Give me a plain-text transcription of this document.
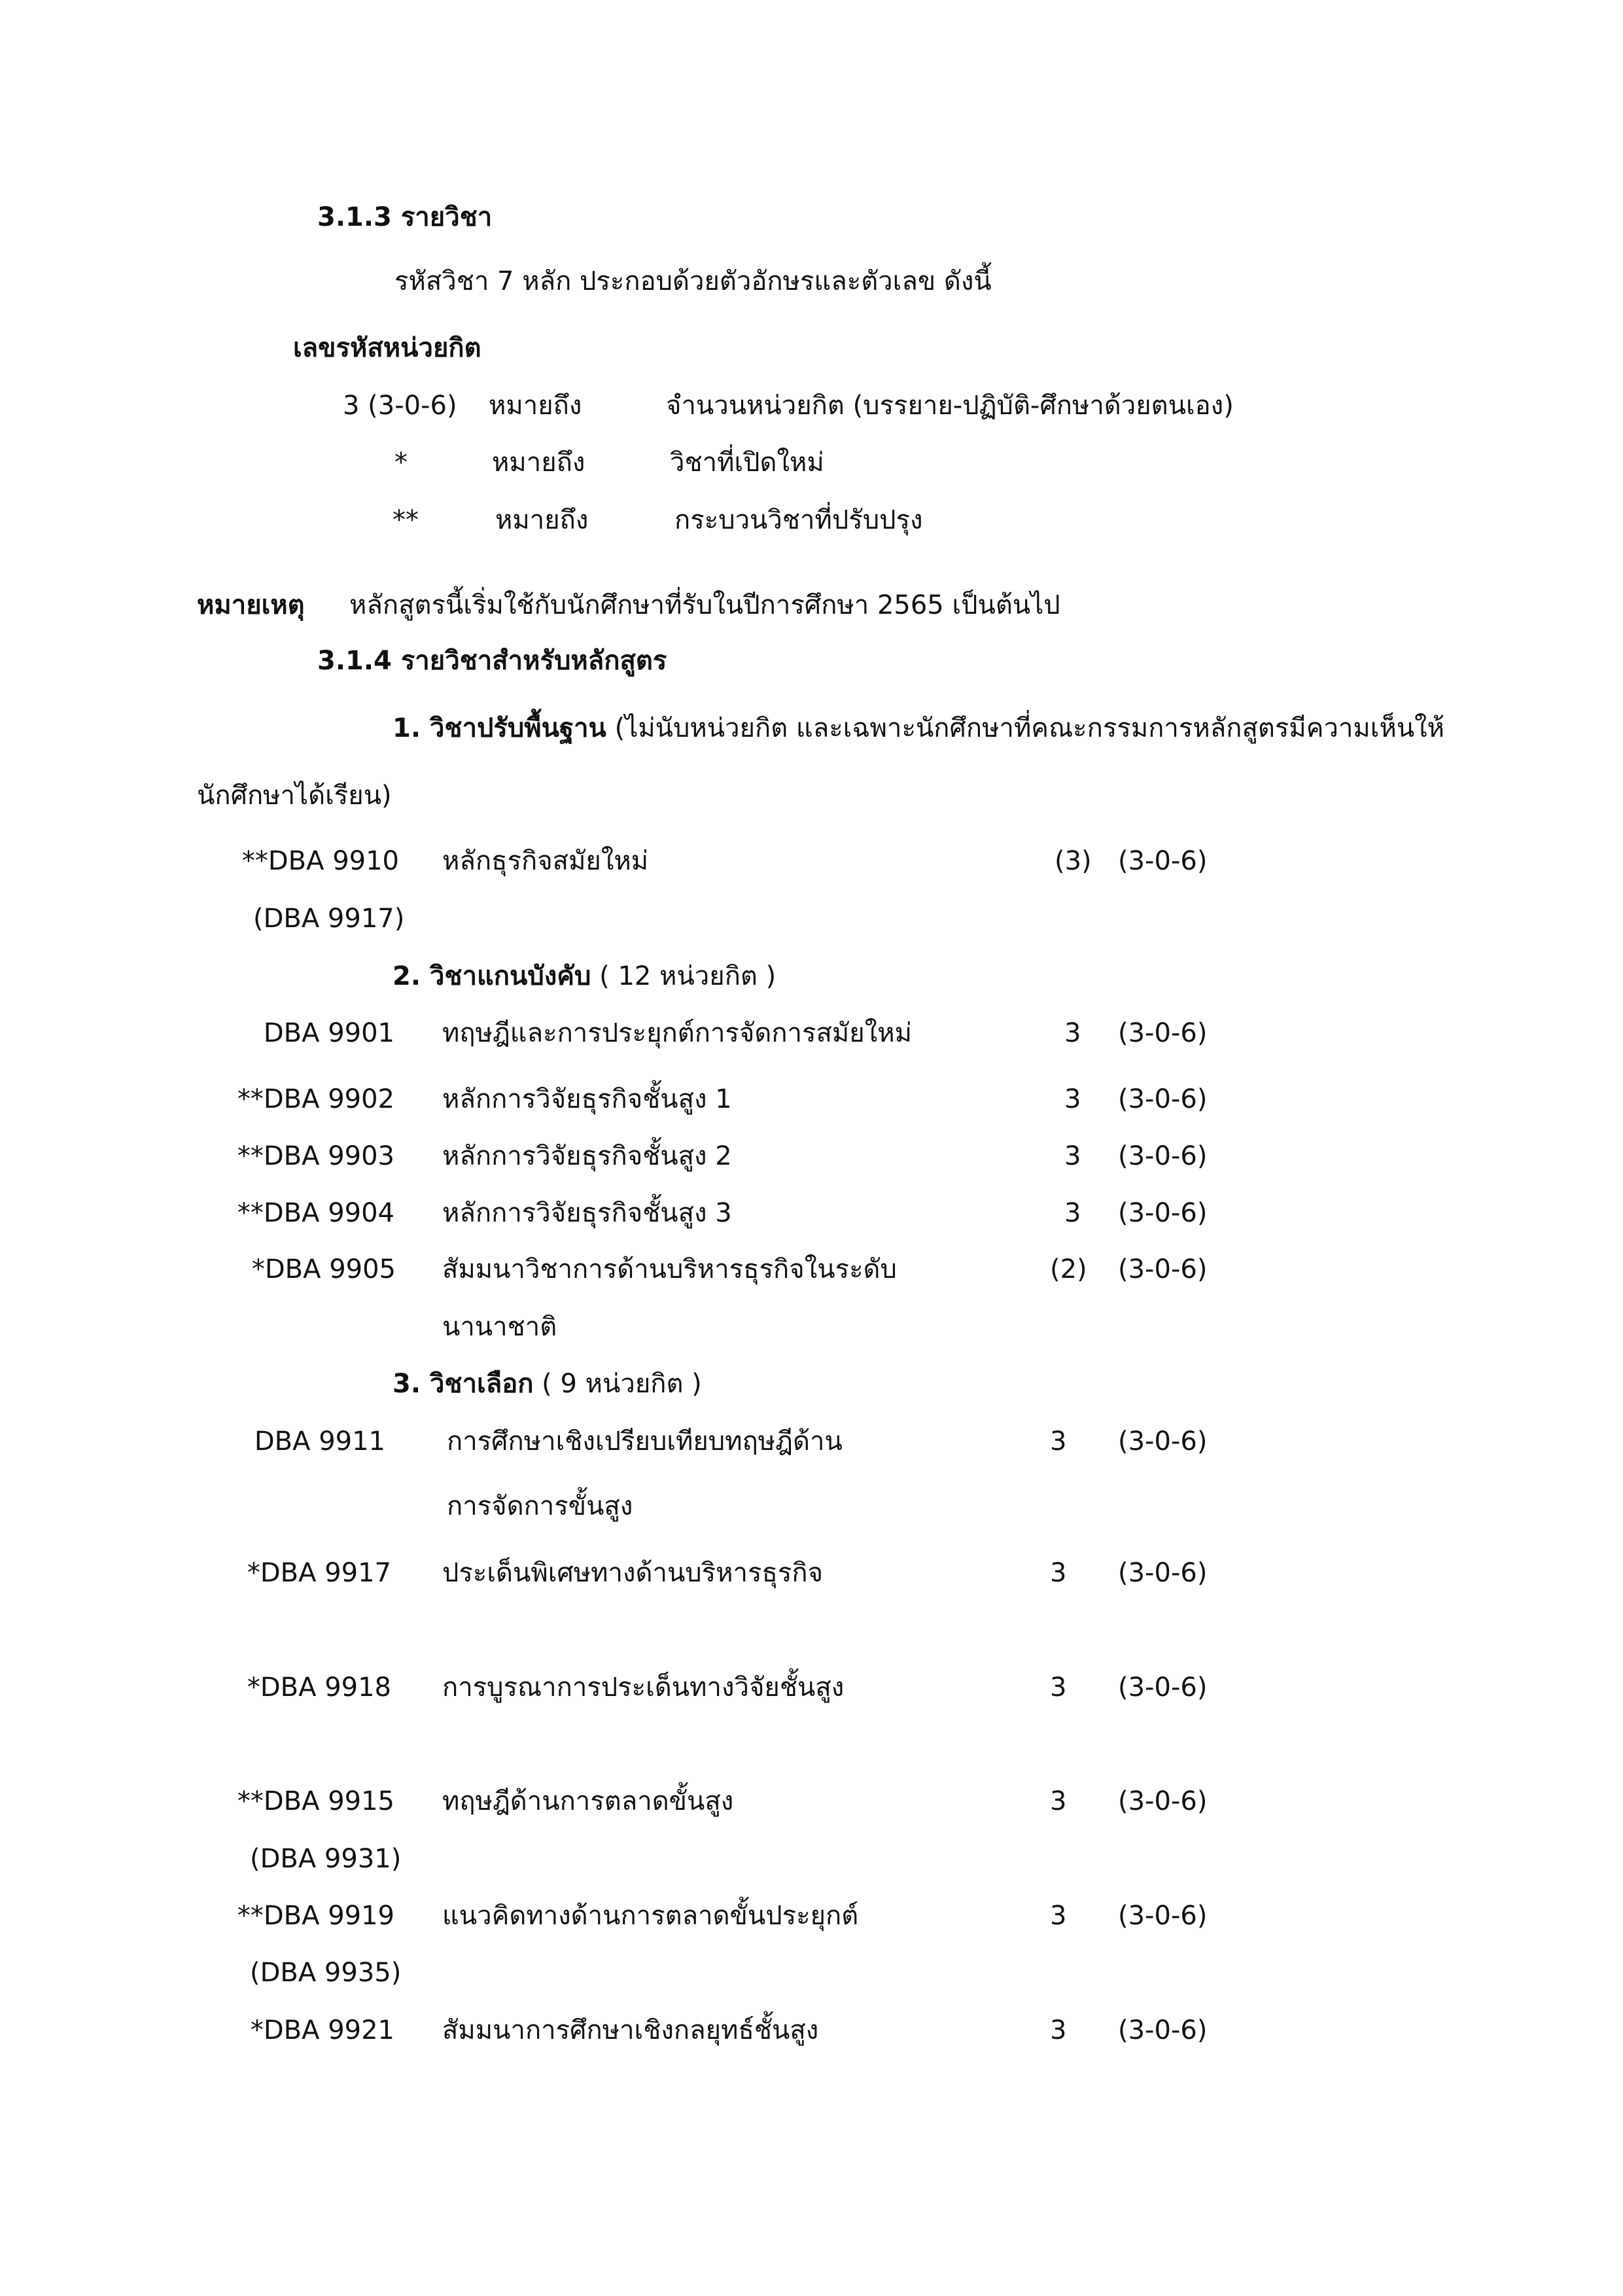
3.1.3 รายวิชา
รหัสวิชา 7 หลัก ประกอบด้วยตัวอักษรและตัวเลข ดังนี้
เลขรหัสหน่วยกิต
3 (3-0-6) หมายถึง	จำนวนหน่วยกิต (บรรยาย-ปฏิบัติ-ศึกษาด้วยตนเอง)
*	หมายถึง	วิชาที่เปิดใหม่
**	หมายถึง	กระบวนวิชาที่ปรับปรุง
หมายเหตุ หลักสูตรนี้เริ่มใช้กับนักศึกษาที่รับในปีการศึกษา 2565 เป็นต้นไป
3.1.4 รายวิชาสำหรับหลักสูตร
1. วิชาปรับพื้นฐาน (ไม่นับหน่วยกิต และเฉพาะนักศึกษาที่คณะกรรมการหลักสูตรมีความเห็นให้
นักศึกษาได้เรียน)
**DBA 9910 หลักธุรกิจสมัยใหม่	(3) (3-0-6)
(DBA 9917)
2. วิชาแกนบังคับ ( 12 หน่วยกิต )
DBA 9901 ทฤษฎีและการประยุกต์การจัดการสมัยใหม่	3 (3-0-6)
**DBA 9902 หลักการวิจัยธุรกิจชั้นสูง 1	3 (3-0-6)
**DBA 9903 หลักการวิจัยธุรกิจชั้นสูง 2	3 (3-0-6)
**DBA 9904 หลักการวิจัยธุรกิจชั้นสูง 3	3 (3-0-6)
*DBA 9905 สัมมนาวิชาการด้านบริหารธุรกิจในระดับ	(2) (3-0-6)
นานาชาติ
3. วิชาเลือก ( 9 หน่วยกิต )
DBA 9911 การศึกษาเชิงเปรียบเทียบทฤษฎีด้าน	3 (3-0-6)
การจัดการขั้นสูง
*DBA 9917 ประเด็นพิเศษทางด้านบริหารธุรกิจ	3 (3-0-6)
*DBA 9918 การบูรณาการประเด็นทางวิจัยชั้นสูง	3 (3-0-6)
**DBA 9915 ทฤษฎีด้านการตลาดขั้นสูง	3 (3-0-6)
(DBA 9931)
**DBA 9919 แนวคิดทางด้านการตลาดขั้นประยุกต์	3 (3-0-6)
(DBA 9935)
*DBA 9921 สัมมนาการศึกษาเชิงกลยุทธ์ชั้นสูง	3 (3-0-6)
